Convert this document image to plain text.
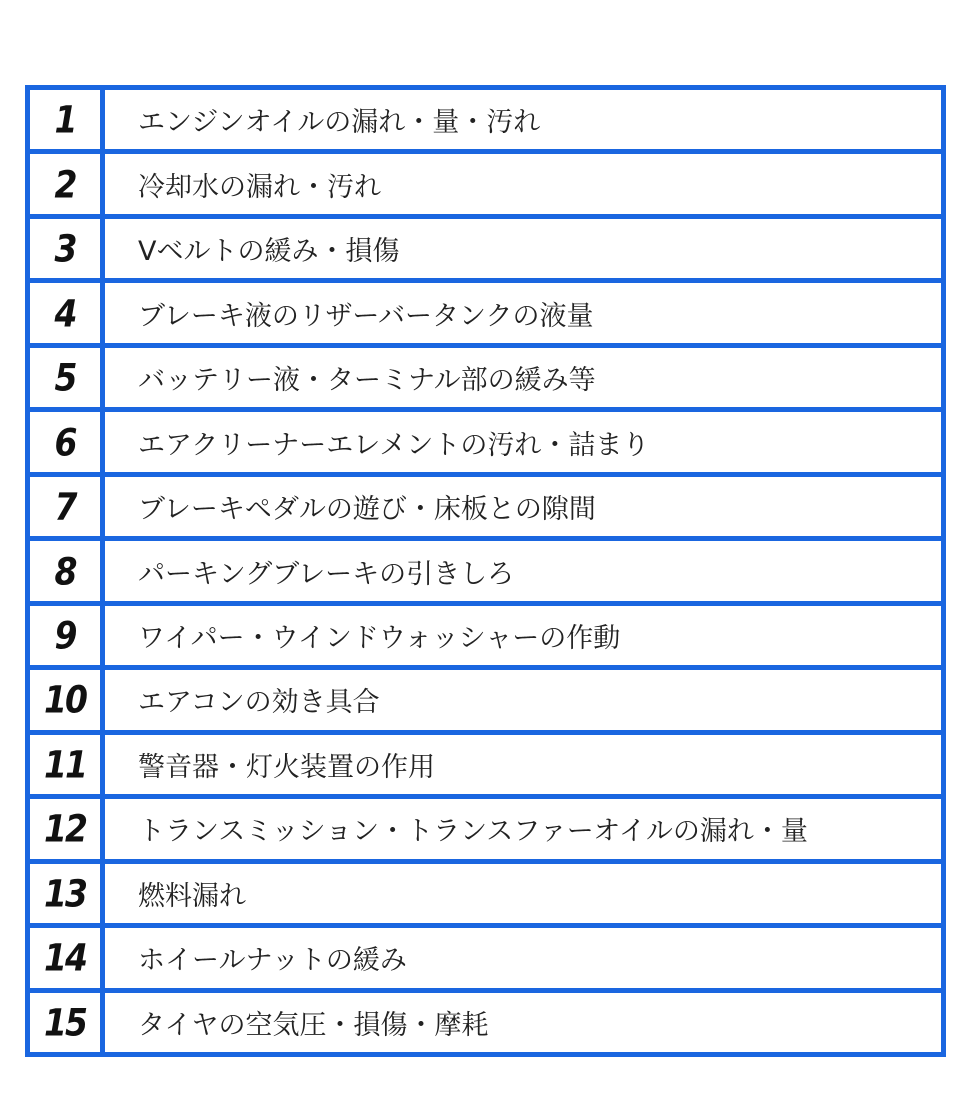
1 エンジンオイルの漏れ・量・汚れ
2 冷却水の漏れ・汚れ
3 Vベルトの緩み・損傷
4 ブレーキ液のリザーバータンクの液量
5 バッテリー液・ターミナル部の緩み等
6 エアクリーナーエレメントの汚れ・詰まり
7 ブレーキペダルの遊び・床板との隙間
8 パーキングブレーキの引きしろ
9 ワイパー・ウインドウォッシャーの作動
10 エアコンの効き具合
11 警音器・灯火装置の作用
12 トランスミッション・トランスファーオイルの漏れ・量
13 燃料漏れ
14 ホイールナットの緩み
15 タイヤの空気圧・損傷・摩耗
